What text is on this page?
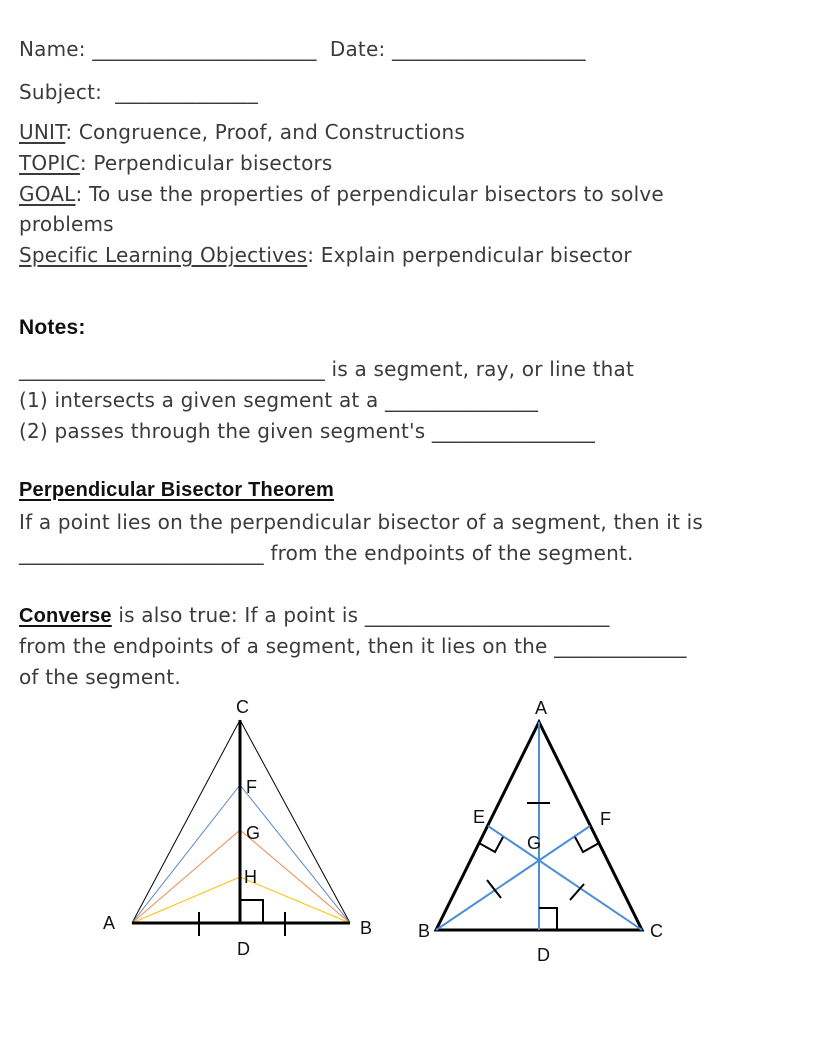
Name: ______________________ Date: ___________________
Subject: ______________
UNIT: Congruence, Proof, and Constructions
TOPIC: Perpendicular bisectors
GOAL: To use the properties of perpendicular bisectors to solve
problems
Specific Learning Objectives: Explain perpendicular bisector
Notes:
______________________________ is a segment, ray, or line that
(1) intersects a given segment at a _______________
(2) passes through the given segment's ________________
Perpendicular Bisector Theorem
If a point lies on the perpendicular bisector of a segment, then it is
________________________ from the endpoints of the segment.
Converse is also true: If a point is ________________________
from the endpoints of a segment, then it lies on the _____________
of the segment.
C
F
G
H
A	B
D
A
E	F
G
B	C
D
